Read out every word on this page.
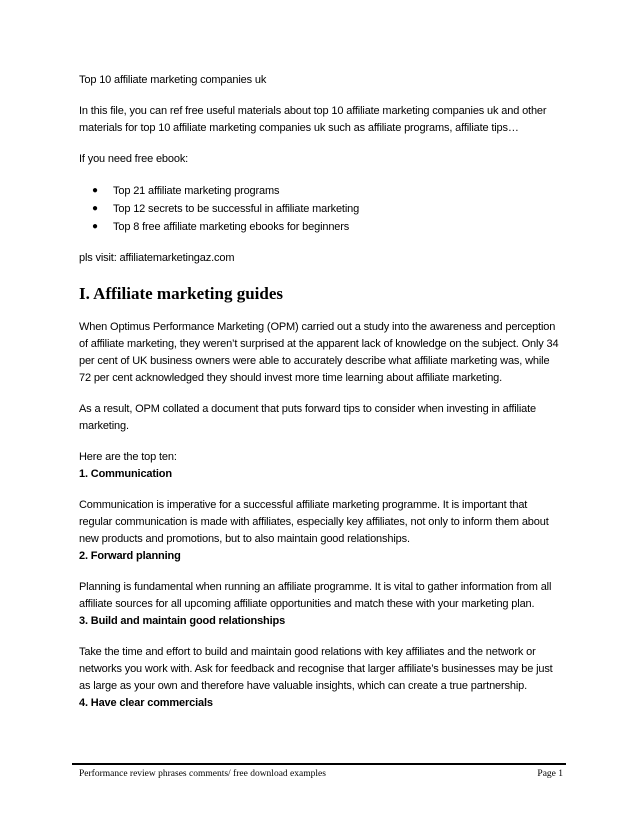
Top 10 affiliate marketing companies uk

In this file, you can ref free useful materials about top 10 affiliate marketing companies uk and other materials for top 10 affiliate marketing companies uk such as affiliate programs, affiliate tips…

If you need free ebook:

● Top 21 affiliate marketing programs
● Top 12 secrets to be successful in affiliate marketing
● Top 8 free affiliate marketing ebooks for beginners

pls visit: affiliatemarketingaz.com

I. Affiliate marketing guides

When Optimus Performance Marketing (OPM) carried out a study into the awareness and perception of affiliate marketing, they weren’t surprised at the apparent lack of knowledge on the subject. Only 34 per cent of UK business owners were able to accurately describe what affiliate marketing was, while 72 per cent acknowledged they should invest more time learning about affiliate marketing.

As a result, OPM collated a document that puts forward tips to consider when investing in affiliate marketing.

Here are the top ten:

1. Communication

Communication is imperative for a successful affiliate marketing programme. It is important that regular communication is made with affiliates, especially key affiliates, not only to inform them about new products and promotions, but to also maintain good relationships.

2. Forward planning

Planning is fundamental when running an affiliate programme. It is vital to gather information from all affiliate sources for all upcoming affiliate opportunities and match these with your marketing plan.

3. Build and maintain good relationships

Take the time and effort to build and maintain good relations with key affiliates and the network or networks you work with. Ask for feedback and recognise that larger affiliate’s businesses may be just as large as your own and therefore have valuable insights, which can create a true partnership.

4. Have clear commercials

Performance review phrases comments/ free download examples	Page 1
